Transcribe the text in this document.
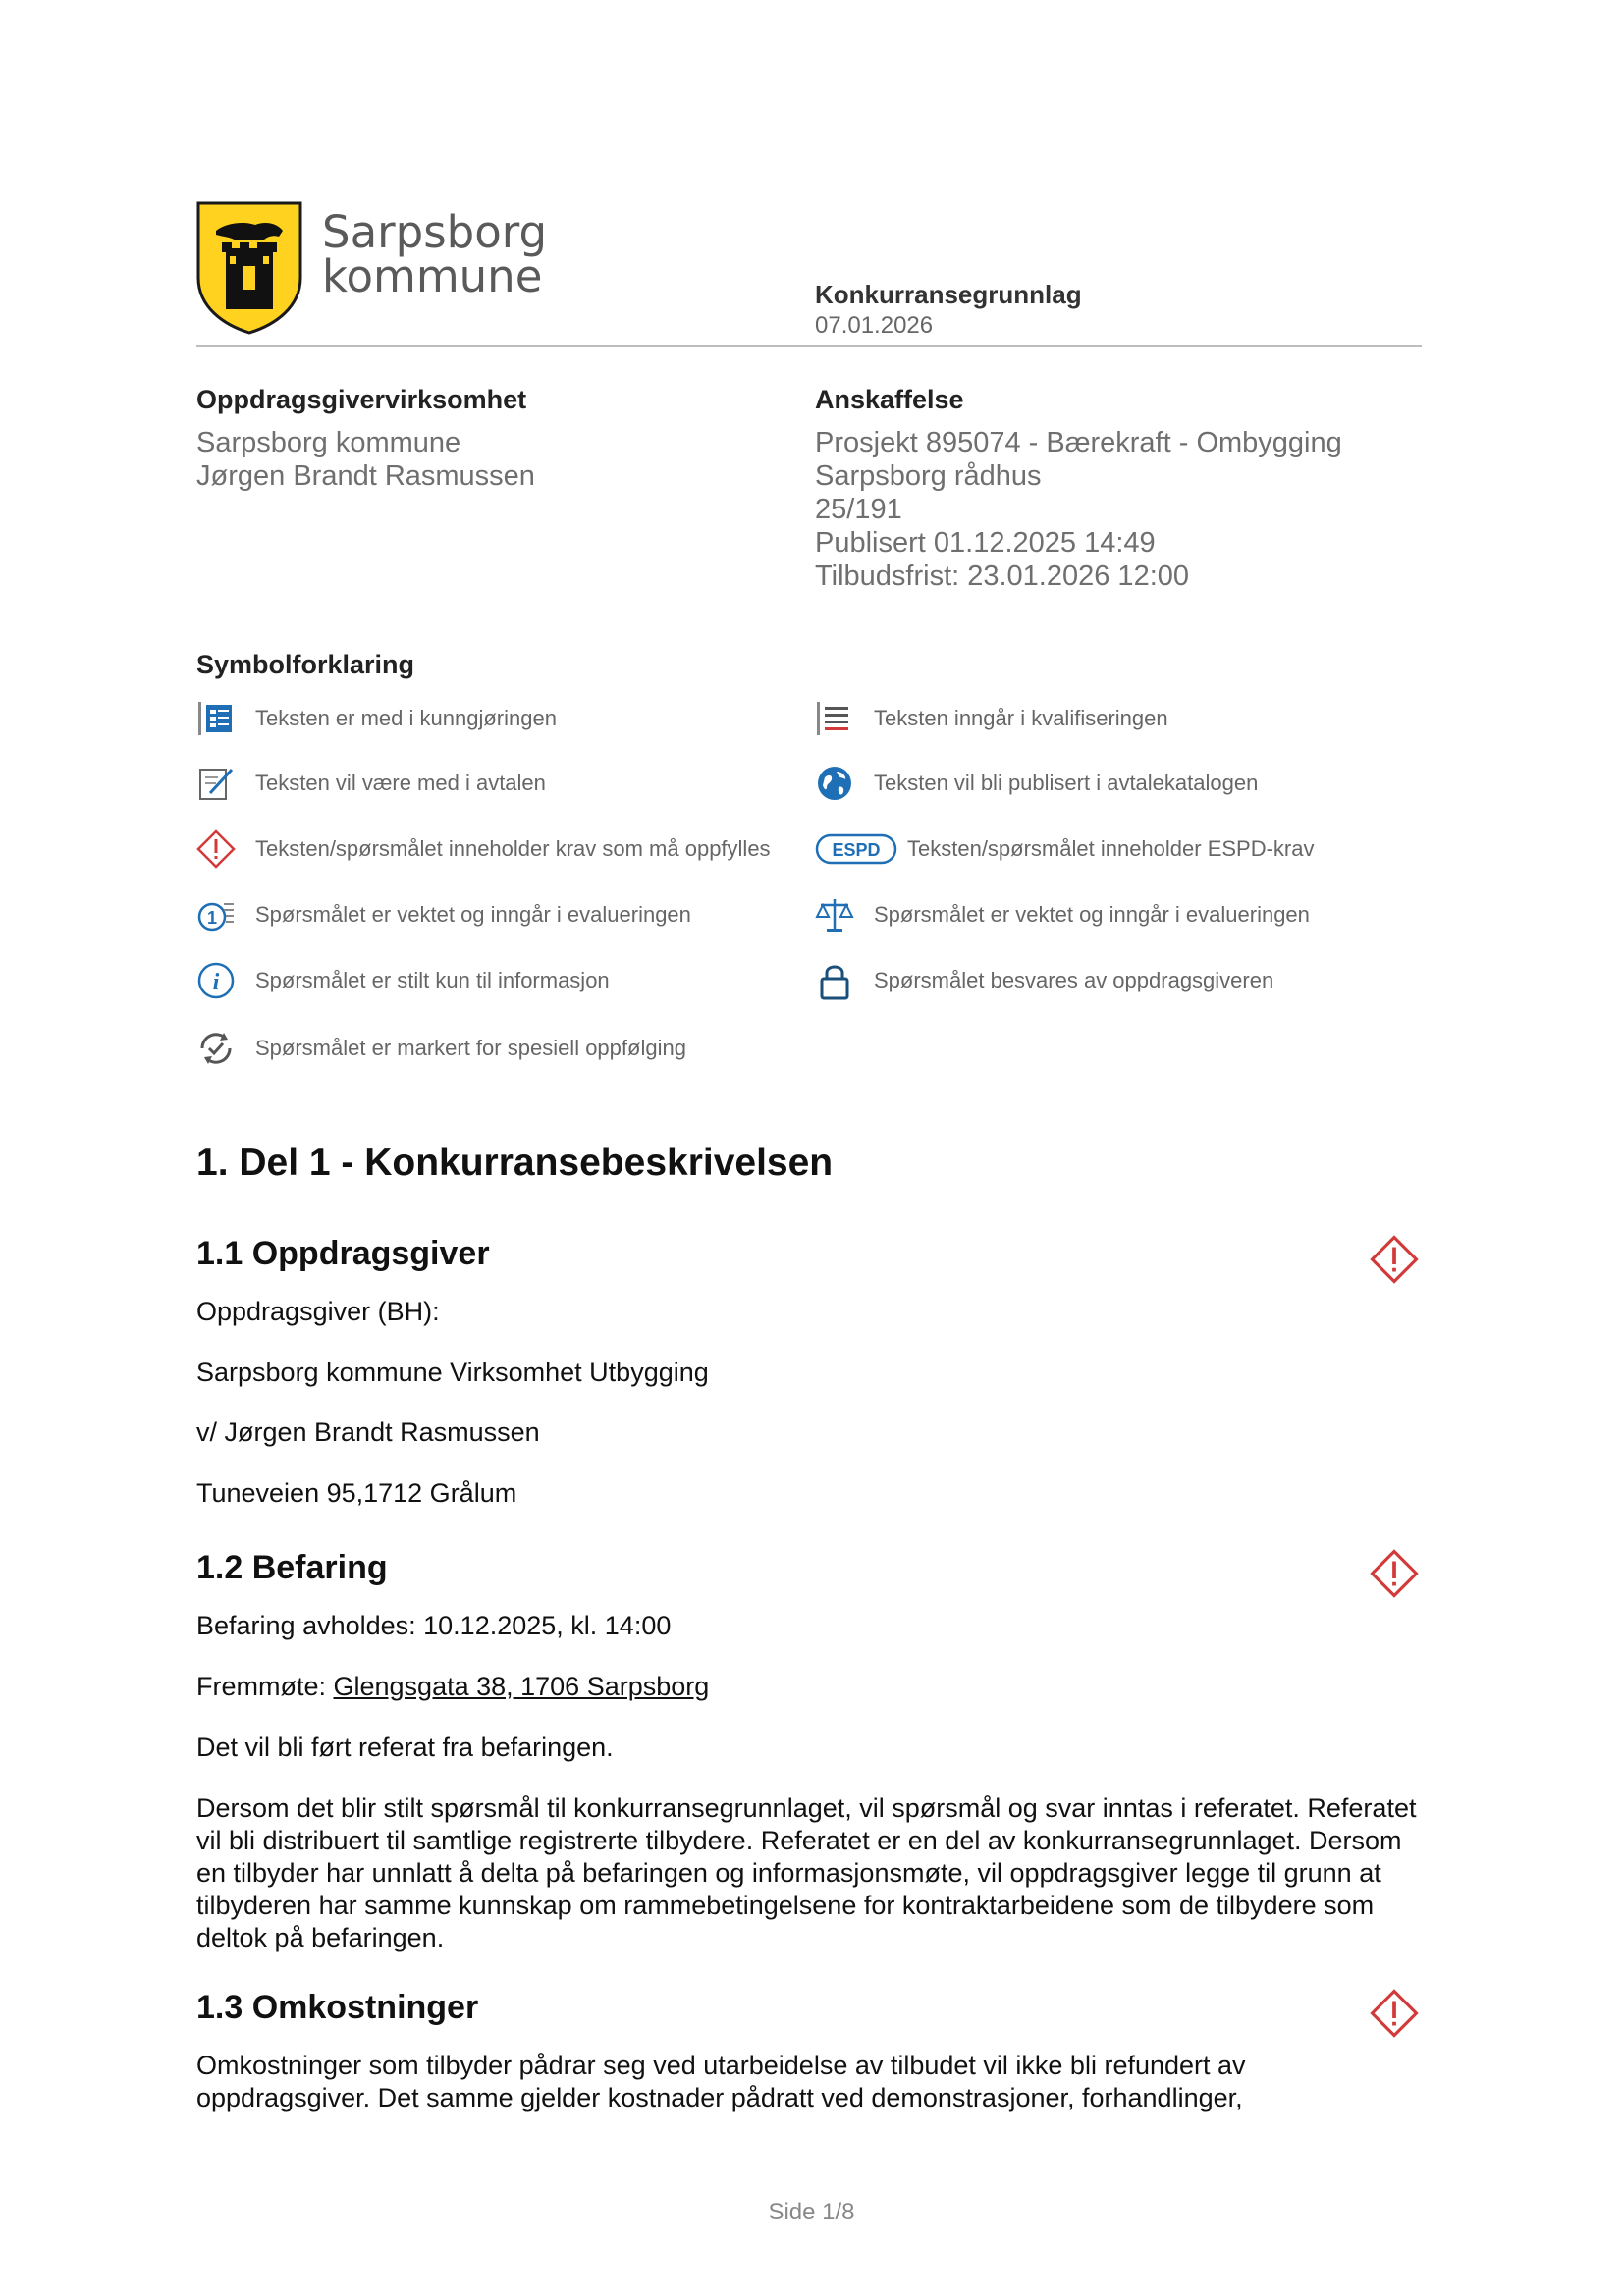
Sarpsborg
kommune	Konkurransegrunnlag
07.01.2026
Oppdragsgivervirksomhet
Sarpsborg kommune
Jørgen Brandt Rasmussen
Anskaffelse
Prosjekt 895074 - Bærekraft - Ombygging
Sarpsborg rådhus
25/191
Publisert 01.12.2025 14:49
Tilbudsfrist: 23.01.2026 12:00
Symbolforklaring
Teksten er med i kunngjøringen	Teksten inngår i kvalifiseringen
Teksten vil være med i avtalen	Teksten vil bli publisert i avtalekatalogen
Teksten/spørsmålet inneholder krav som må oppfylles	ESPD Teksten/spørsmålet inneholder ESPD-krav
1 Spørsmålet er vektet og inngår i evalueringen	Spørsmålet er vektet og inngår i evalueringen
i Spørsmålet er stilt kun til informasjon	Spørsmålet besvares av oppdragsgiveren
Spørsmålet er markert for spesiell oppfølging
1. Del 1 - Konkurransebeskrivelsen
1.1 Oppdragsgiver
Oppdragsgiver (BH):
Sarpsborg kommune Virksomhet Utbygging
v/ Jørgen Brandt Rasmussen
Tuneveien 95,1712 Grålum
1.2 Befaring
Befaring avholdes: 10.12.2025, kl. 14:00
Fremmøte: Glengsgata 38, 1706 Sarpsborg
Det vil bli ført referat fra befaringen.
Dersom det blir stilt spørsmål til konkurransegrunnlaget, vil spørsmål og svar inntas i referatet. Referatet vil bli distribuert til samtlige registrerte tilbydere. Referatet er en del av konkurransegrunnlaget. Dersom en tilbyder har unnlatt å delta på befaringen og informasjonsmøte, vil oppdragsgiver legge til grunn at tilbyderen har samme kunnskap om rammebetingelsene for kontraktarbeidene som de tilbydere som deltok på befaringen.
1.3 Omkostninger
Omkostninger som tilbyder pådrar seg ved utarbeidelse av tilbudet vil ikke bli refundert av oppdragsgiver. Det samme gjelder kostnader pådratt ved demonstrasjoner, forhandlinger,
Side 1/8
